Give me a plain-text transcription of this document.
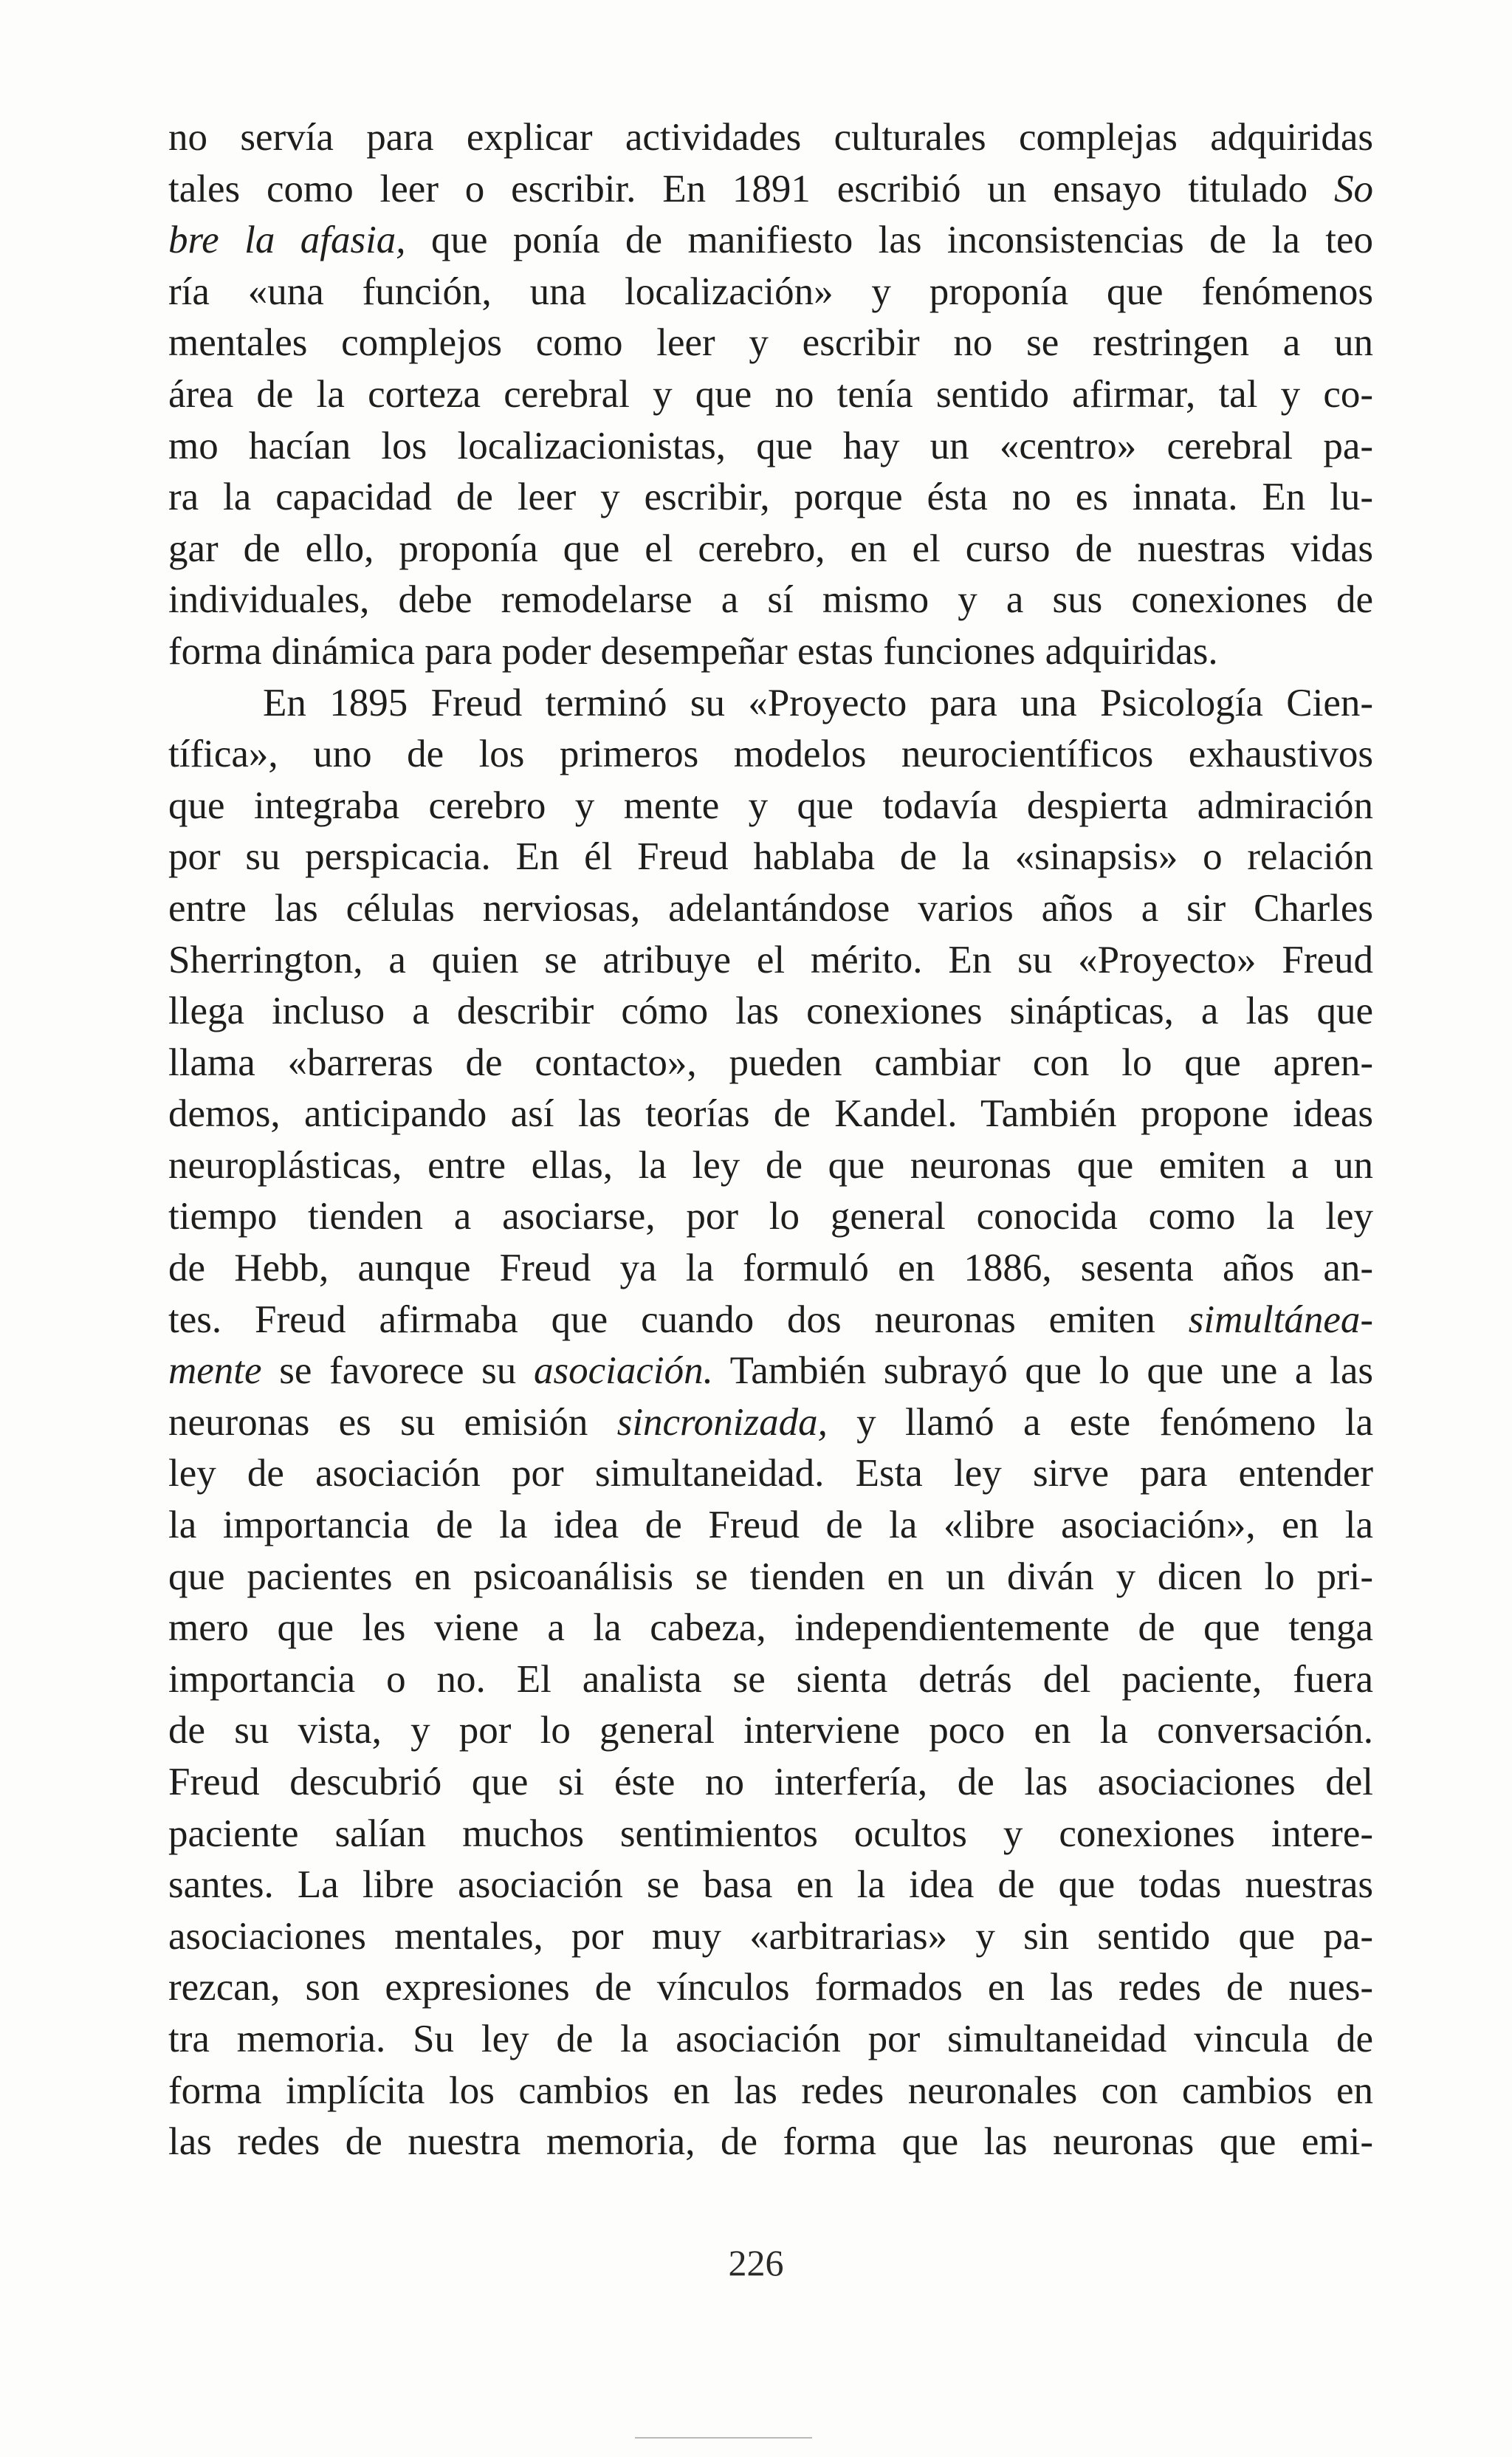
no servía para explicar actividades culturales complejas adquiridas
tales como leer o escribir. En 1891 escribió un ensayo titulado So
bre la afasia, que ponía de manifiesto las inconsistencias de la teo
ría «una función, una localización» y proponía que fenómenos
mentales complejos como leer y escribir no se restringen a un
área de la corteza cerebral y que no tenía sentido afirmar, tal y co-
mo hacían los localizacionistas, que hay un «centro» cerebral pa-
ra la capacidad de leer y escribir, porque ésta no es innata. En lu-
gar de ello, proponía que el cerebro, en el curso de nuestras vidas
individuales, debe remodelarse a sí mismo y a sus conexiones de
forma dinámica para poder desempeñar estas funciones adquiridas.
En 1895 Freud terminó su «Proyecto para una Psicología Cien-
tífica», uno de los primeros modelos neurocientíficos exhaustivos
que integraba cerebro y mente y que todavía despierta admiración
por su perspicacia. En él Freud hablaba de la «sinapsis» o relación
entre las células nerviosas, adelantándose varios años a sir Charles
Sherrington, a quien se atribuye el mérito. En su «Proyecto» Freud
llega incluso a describir cómo las conexiones sinápticas, a las que
llama «barreras de contacto», pueden cambiar con lo que apren-
demos, anticipando así las teorías de Kandel. También propone ideas
neuroplásticas, entre ellas, la ley de que neuronas que emiten a un
tiempo tienden a asociarse, por lo general conocida como la ley
de Hebb, aunque Freud ya la formuló en 1886, sesenta años an-
tes. Freud afirmaba que cuando dos neuronas emiten simultánea-
mente se favorece su asociación. También subrayó que lo que une a las
neuronas es su emisión sincronizada, y llamó a este fenómeno la
ley de asociación por simultaneidad. Esta ley sirve para entender
la importancia de la idea de Freud de la «libre asociación», en la
que pacientes en psicoanálisis se tienden en un diván y dicen lo pri-
mero que les viene a la cabeza, independientemente de que tenga
importancia o no. El analista se sienta detrás del paciente, fuera
de su vista, y por lo general interviene poco en la conversación.
Freud descubrió que si éste no interfería, de las asociaciones del
paciente salían muchos sentimientos ocultos y conexiones intere-
santes. La libre asociación se basa en la idea de que todas nuestras
asociaciones mentales, por muy «arbitrarias» y sin sentido que pa-
rezcan, son expresiones de vínculos formados en las redes de nues-
tra memoria. Su ley de la asociación por simultaneidad vincula de
forma implícita los cambios en las redes neuronales con cambios en
las redes de nuestra memoria, de forma que las neuronas que emi-
226
